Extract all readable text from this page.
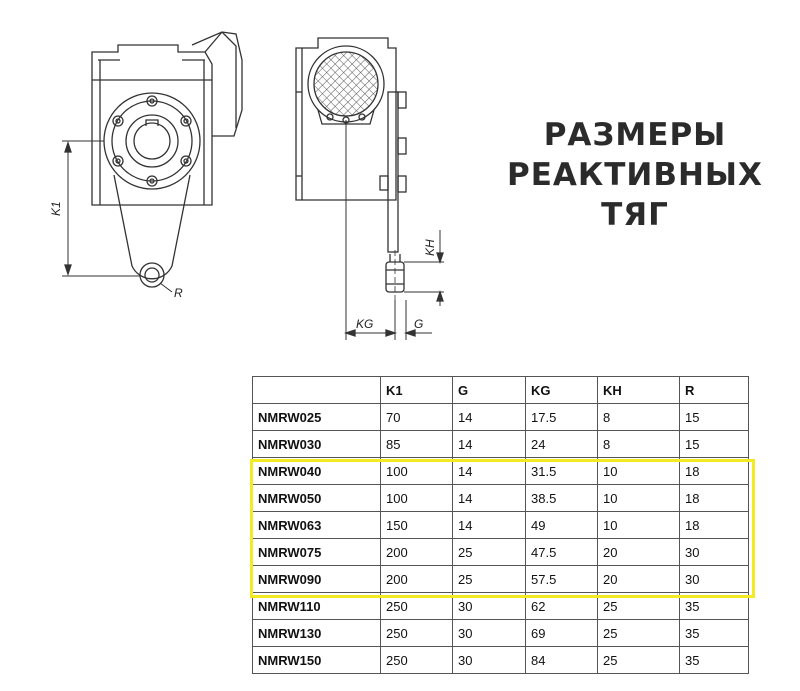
K1
R
KH
KG	G
РАЗМЕРЫ
РЕАКТИВНЫХ
ТЯГ
	K1	G	KG	KH	R
NMRW025	70	14	17.5	8	15
NMRW030	85	14	24	8	15
NMRW040	100	14	31.5	10	18
NMRW050	100	14	38.5	10	18
NMRW063	150	14	49	10	18
NMRW075	200	25	47.5	20	30
NMRW090	200	25	57.5	20	30
NMRW110	250	30	62	25	35
NMRW130	250	30	69	25	35
NMRW150	250	30	84	25	35
